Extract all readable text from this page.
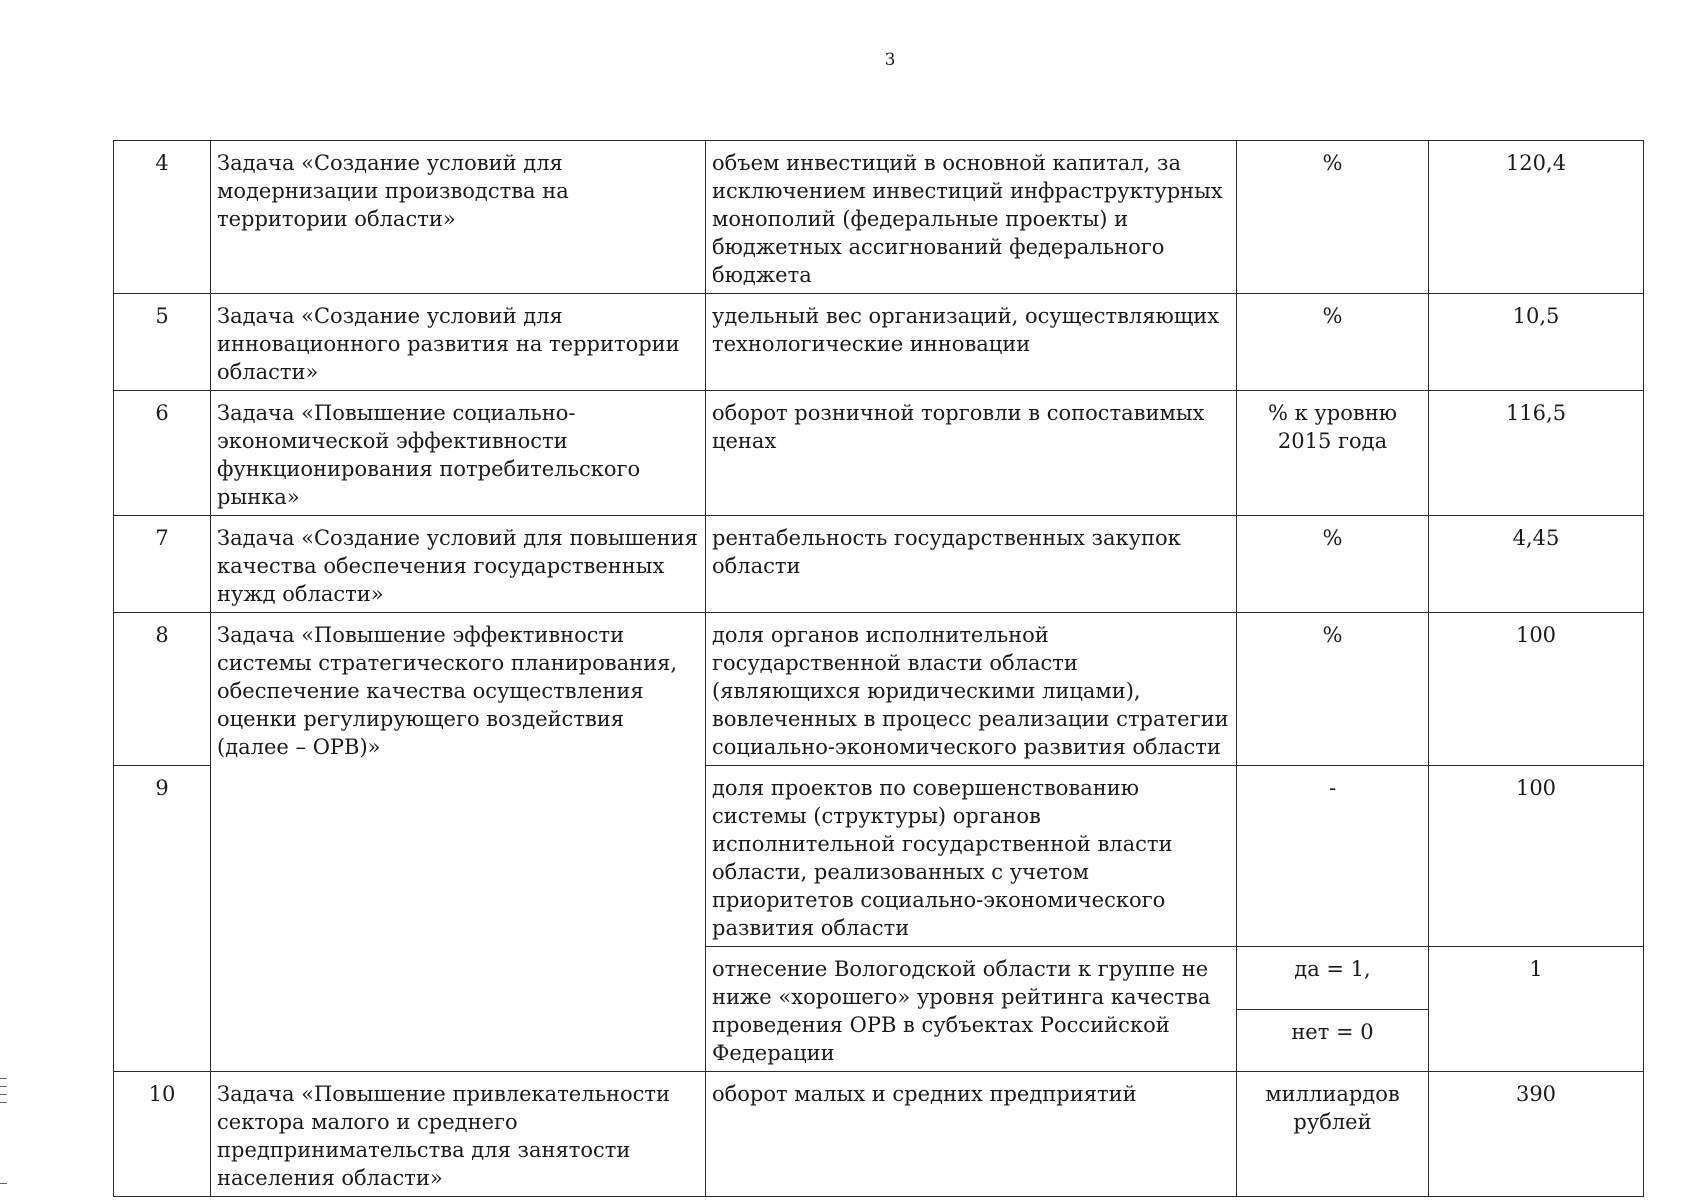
3
4	Задача «Создание условий для модернизации производства на территории области»	объем инвестиций в основной капитал, за исключением инвестиций инфраструктурных монополий (федеральные проекты) и бюджетных ассигнований федерального бюджета	%	120,4
5	Задача «Создание условий для инновационного развития на территории области»	удельный вес организаций, осуществляющих технологические инновации	%	10,5
6	Задача «Повышение социально-экономической эффективности функционирования потребительского рынка»	оборот розничной торговли в сопоставимых ценах	% к уровню 2015 года	116,5
7	Задача «Создание условий для повышения качества обеспечения государственных нужд области»	рентабельность государственных закупок области	%	4,45
8	Задача «Повышение эффективности системы стратегического планирования, обеспечение качества осуществления оценки регулирующего воздействия (далее – ОРВ)»	доля органов исполнительной государственной власти области (являющихся юридическими лицами), вовлеченных в процесс реализации стратегии социально-экономического развития области	%	100
9		доля проектов по совершенствованию системы (структуры) органов исполнительной государственной власти области, реализованных с учетом приоритетов социально-экономического развития области	-	100
		отнесение Вологодской области к группе не ниже «хорошего» уровня рейтинга качества проведения ОРВ в субъектах Российской Федерации	да = 1,	1
			нет = 0	
10	Задача «Повышение привлекательности сектора малого и среднего предпринимательства для занятости населения области»	оборот малых и средних предприятий	миллиардов рублей	390
